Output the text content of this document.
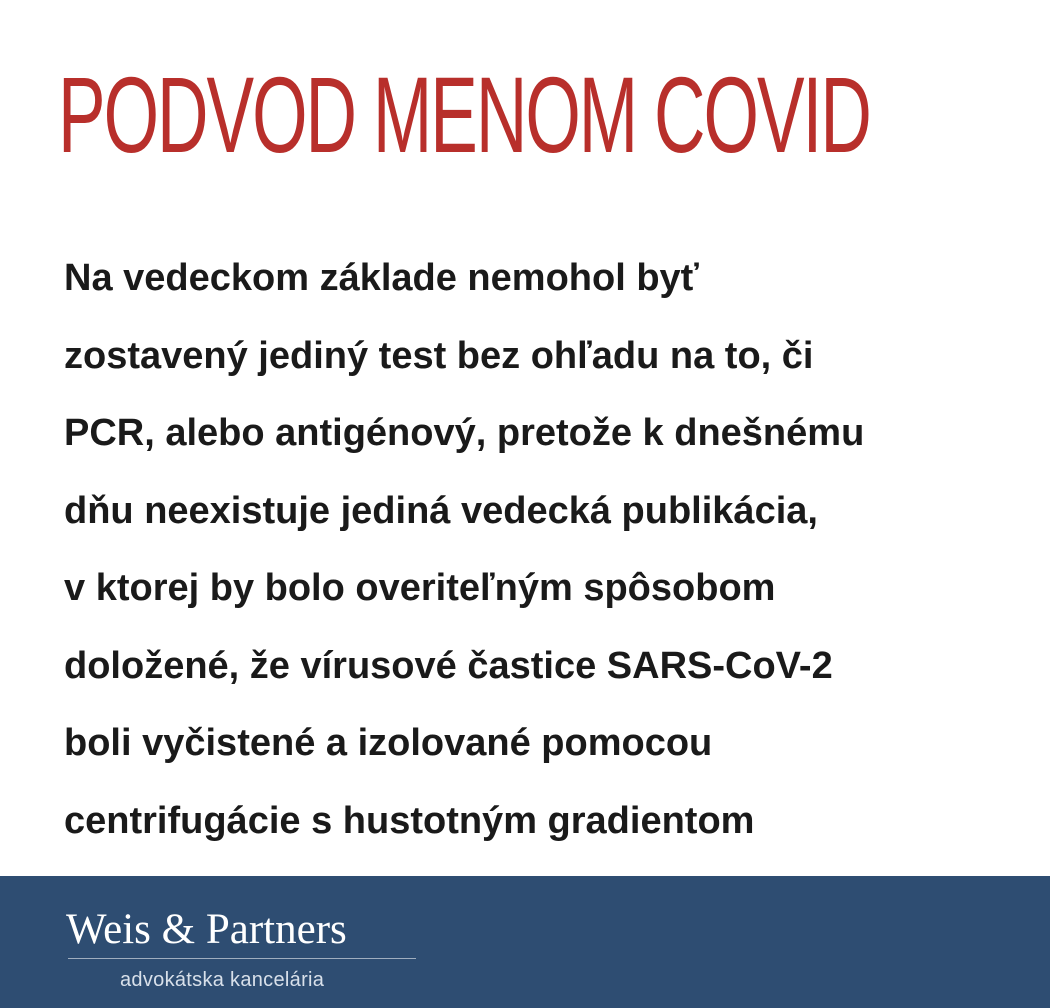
PODVOD MENOM COVID
Na vedeckom základe nemohol byť
zostavený jediný test bez ohľadu na to, či
PCR, alebo antigénový, pretože k dnešnému
dňu neexistuje jediná vedecká publikácia,
v ktorej by bolo overiteľným spôsobom
doložené, že vírusové častice SARS-CoV-2
boli vyčistené a izolované pomocou
centrifugácie s hustotným gradientom
Weis & Partners
advokátska kancelária
